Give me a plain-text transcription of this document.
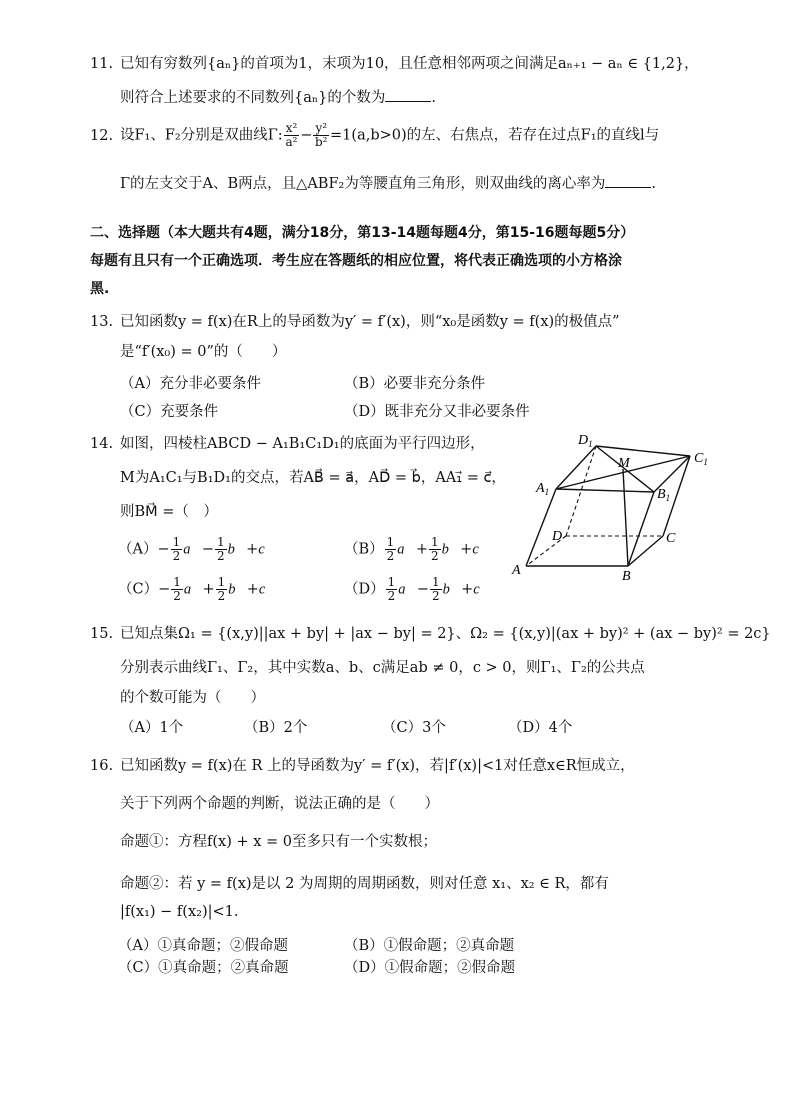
11. 已知有穷数列{aₙ}的首项为1，末项为10，且任意相邻两项之间满足aₙ₊₁ − aₙ ∈ {1,2}，
则符合上述要求的不同数列{aₙ}的个数为	.
12. 设F₁、F₂分别是双曲线Γ: $\frac{\text{x²}}{\text{a²}} - \frac{\text{y²}}{\text{b²}} =1(a,b>0)$的左、右焦点，若存在过点F₁的直线l与
Γ的左支交于A、B两点，且△ABF₂为等腰直角三角形，则双曲线的离心率为	.
二、选择题（本大题共有4题，满分18分，第13-14题每题4分，第15-16题每题5分）
每题有且只有一个正确选项．考生应在答题纸的相应位置，将代表正确选项的小方格涂
黑.
13. 已知函数y = f(x)在R上的导函数为y′ = f′(x)，则“x₀是函数y = f(x)的极值点”
是“f′(x₀) = 0”的（　　）
（A）充分非必要条件	（B）必要非充分条件
（C）充要条件	（D）既非充分又非必要条件
14. 如图，四棱柱ABCD − A₁B₁C₁D₁的底面为平行四边形，
M为A₁C₁与B₁D₁的交点，若AB⃗ = a⃗，AD⃗ = b⃗，AA₁⃗ = c⃗，
则BM⃗ =（　）
$(A)- \frac{1}{2}$ a⃗− $\frac{1}{2}$ b⃗+c⃗	$(B) \frac{1}{2}$ a⃗+ $\frac{1}{2}$ b⃗+c⃗
$(C)- \frac{1}{2}$ a⃗+ $\frac{1}{2}$ b⃗+c⃗	$(D) \frac{1}{2}$ a⃗− $\frac{1}{2}$ b⃗+c⃗
$D_1$
$C_1$
M
$A_1$	$B_1$
D	C
A	B
15. 已知点集Ω₁ = {(x,y)||ax + by| + |ax − by| = 2}、Ω₂ = {(x,y)|(ax + by)² + (ax − by)² = 2c}
分别表示曲线Γ₁、Γ₂，其中实数a、b、c满足ab ≠ 0，c > 0，则Γ₁、Γ₂的公共点
的个数可能为（　　）
（A）1个	（B）2个	（C）3个	（D）4个
16. 已知函数y = f(x)在 R 上的导函数为y′ = f′(x)，若|f′(x)|<1对任意x∈R恒成立，
关于下列两个命题的判断，说法正确的是（　　）
命题①：方程f(x) + x = 0至多只有一个实数根；
命题②：若 y = f(x)是以 2 为周期的周期函数，则对任意 x₁、x₂ ∈ R，都有
|f(x₁) − f(x₂)|<1.
（A）①真命题；②假命题	（B）①假命题；②真命题
（C）①真命题；②真命题	（D）①假命题；②假命题
